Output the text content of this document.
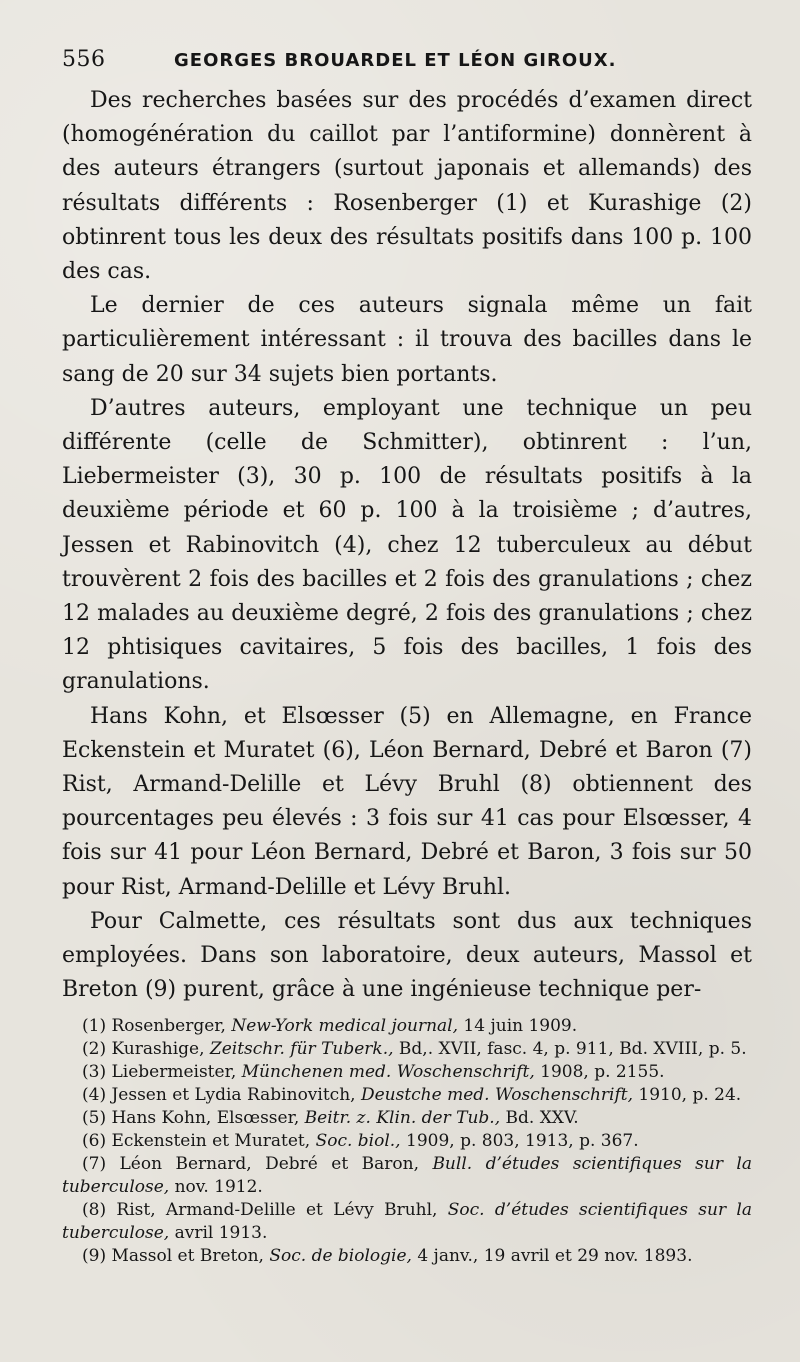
556	GEORGES BROUARDEL ET LÉON GIROUX.

Des recherches basées sur des procédés d’examen direct (homogénération du caillot par l’antiformine) donnèrent à des auteurs étrangers (surtout japonais et allemands) des résultats différents : Rosenberger (1) et Kurashige (2) obtinrent tous les deux des résultats positifs dans 100 p. 100 des cas.

Le dernier de ces auteurs signala même un fait particulièrement intéressant : il trouva des bacilles dans le sang de 20 sur 34 sujets bien portants.

D’autres auteurs, employant une technique un peu différente (celle de Schmitter), obtinrent : l’un, Liebermeister (3), 30 p. 100 de résultats positifs à la deuxième période et 60 p. 100 à la troisième ; d’autres, Jessen et Rabinovitch (4), chez 12 tuberculeux au début trouvèrent 2 fois des bacilles et 2 fois des granulations ; chez 12 malades au deuxième degré, 2 fois des granulations ; chez 12 phtisiques cavitaires, 5 fois des bacilles, 1 fois des granulations.

Hans Kohn, et Elsœsser (5) en Allemagne, en France Eckenstein et Muratet (6), Léon Bernard, Debré et Baron (7) Rist, Armand-Delille et Lévy Bruhl (8) obtiennent des pourcentages peu élevés : 3 fois sur 41 cas pour Elsœsser, 4 fois sur 41 pour Léon Bernard, Debré et Baron, 3 fois sur 50 pour Rist, Armand-Delille et Lévy Bruhl.

Pour Calmette, ces résultats sont dus aux techniques employées. Dans son laboratoire, deux auteurs, Massol et Breton (9) purent, grâce à une ingénieuse technique per-

(1) Rosenberger, New-York medical journal, 14 juin 1909.

(2) Kurashige, Zeitschr. für Tuberk., Bd,. XVII, fasc. 4, p. 911, Bd. XVIII, p. 5.

(3) Liebermeister, Münchenen med. Woschenschrift, 1908, p. 2155.

(4) Jessen et Lydia Rabinovitch, Deustche med. Woschenschrift, 1910, p. 24.

(5) Hans Kohn, Elsœsser, Beitr. z. Klin. der Tub., Bd. XXV.

(6) Eckenstein et Muratet, Soc. biol., 1909, p. 803, 1913, p. 367.

(7) Léon Bernard, Debré et Baron, Bull. d’études scientifiques sur la tuberculose, nov. 1912.

(8) Rist, Armand-Delille et Lévy Bruhl, Soc. d’études scientifiques sur la tuberculose, avril 1913.

(9) Massol et Breton, Soc. de biologie, 4 janv., 19 avril et 29 nov. 1893.
